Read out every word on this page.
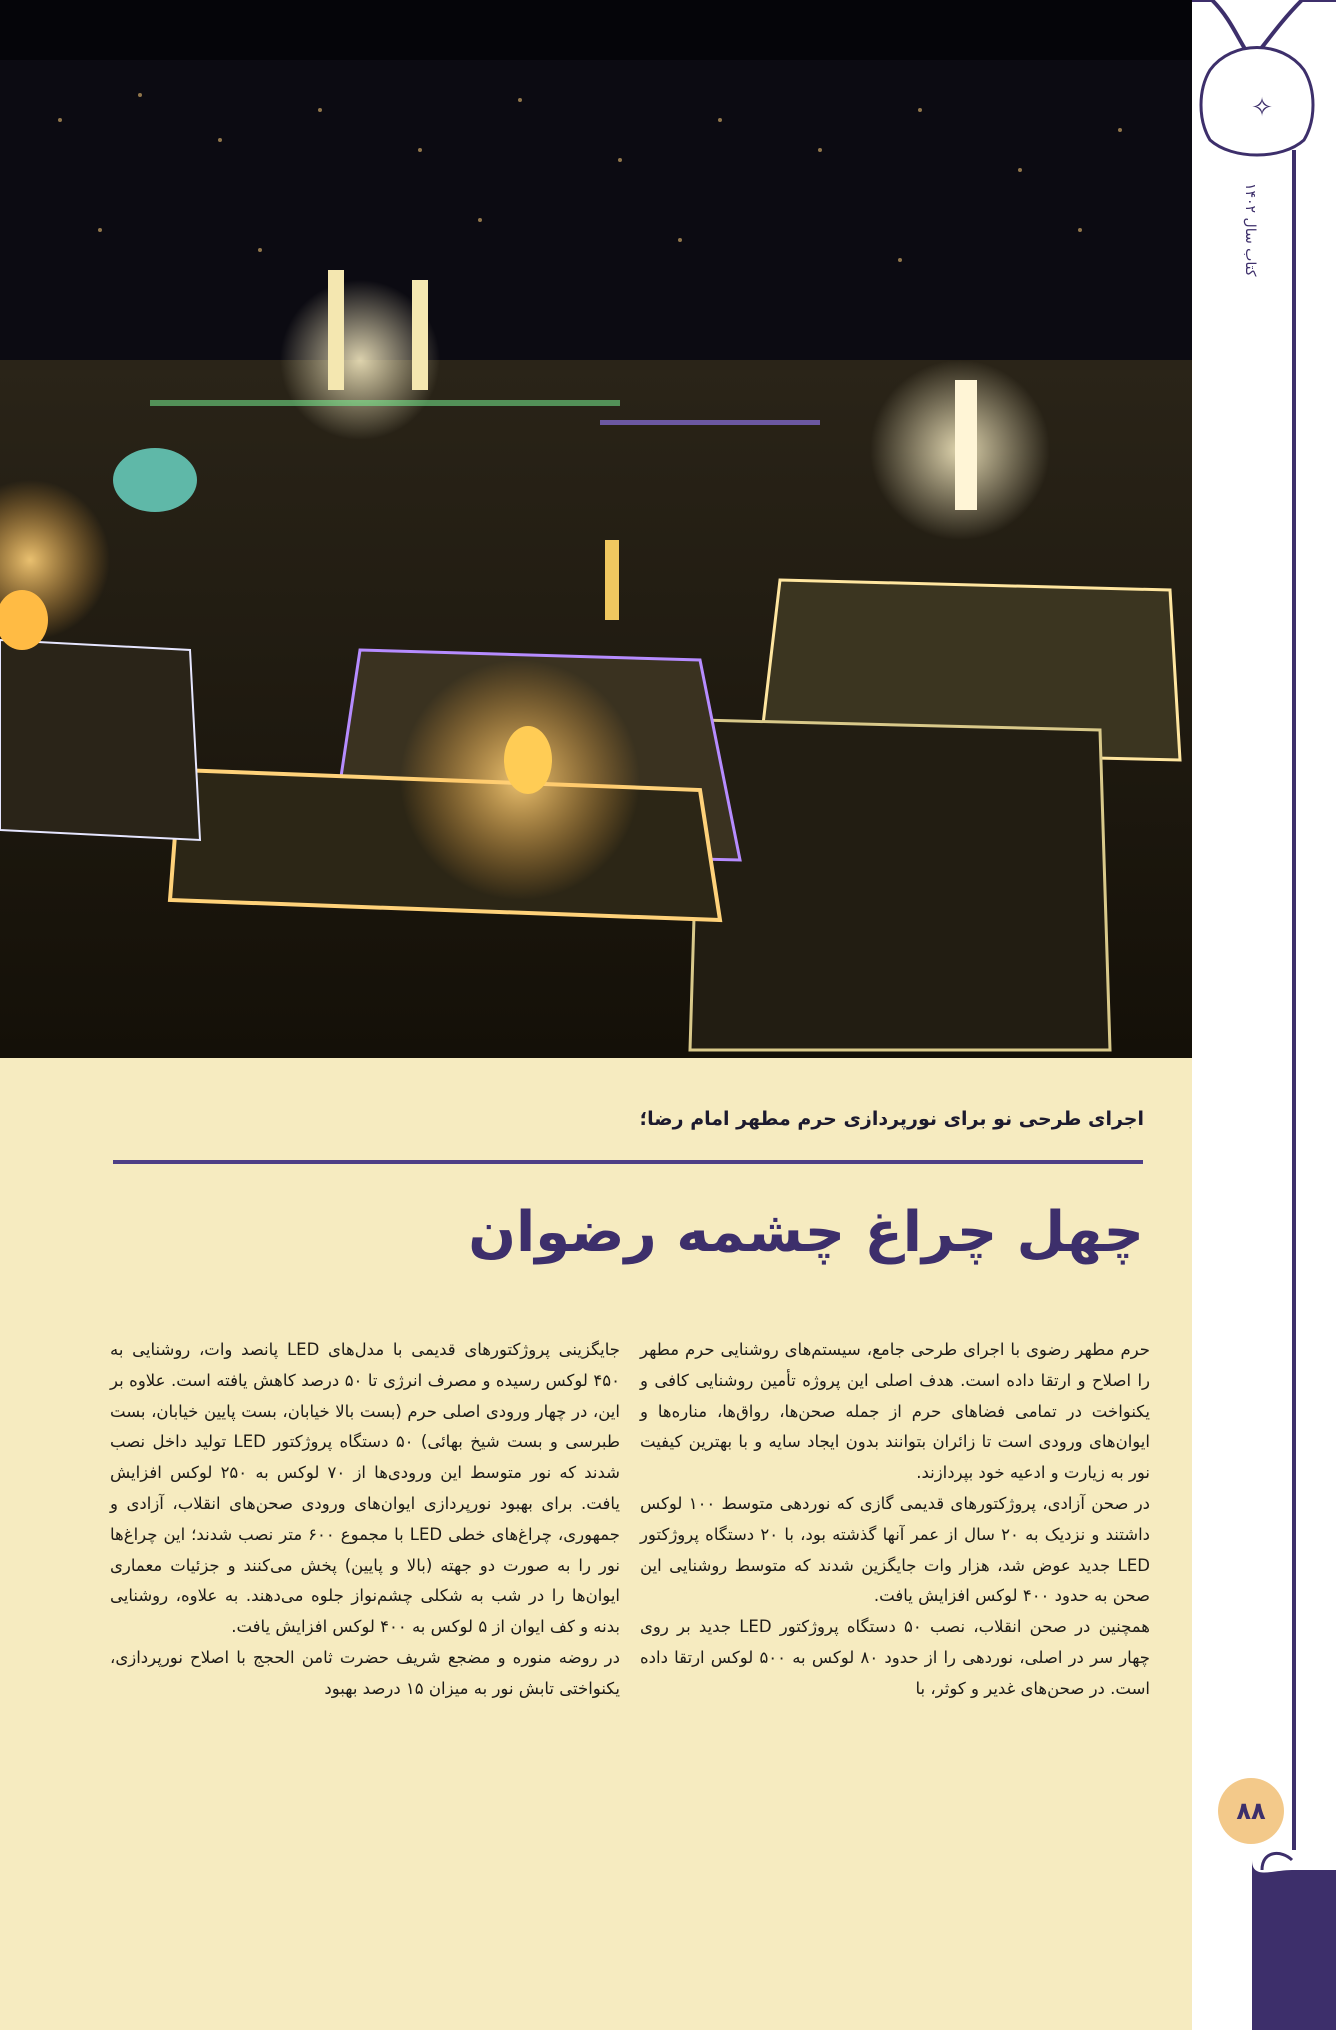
✧
کتاب سال ۱۴۰۲
۸۸
اجرای طرحی نو برای نورپردازی حرم مطهر امام رضا؛
چهل چراغ چشمه رضوان

حرم مطهر رضوی با اجرای طرحی جامع، سیستم‌های روشنایی حرم مطهر را اصلاح و ارتقا داده است. هدف اصلی این پروژه تأمین روشنایی کافی و یکنواخت در تمامی فضاهای حرم از جمله صحن‌ها، رواق‌ها، مناره‌ها و ایوان‌های ورودی است تا زائران بتوانند بدون ایجاد سایه و با بهترین کیفیت نور به زیارت و ادعیه خود بپردازند.

در صحن آزادی، پروژکتورهای قدیمی گازی که نوردهی متوسط ۱۰۰ لوکس داشتند و نزدیک به ۲۰ سال از عمر آنها گذشته بود، با ۲۰ دستگاه پروژکتور LED جدید عوض شد، هزار وات جایگزین شدند که متوسط روشنایی این صحن به حدود ۴۰۰ لوکس افزایش یافت.

همچنین در صحن انقلاب، نصب ۵۰ دستگاه پروژکتور LED جدید بر روی چهار سر در اصلی، نوردهی را از حدود ۸۰ لوکس به ۵۰۰ لوکس ارتقا داده است. در صحن‌های غدیر و کوثر، با

جایگزینی پروژکتورهای قدیمی با مدل‌های LED پانصد وات، روشنایی به ۴۵۰ لوکس رسیده و مصرف انرژی تا ۵۰ درصد کاهش یافته است. علاوه بر این، در چهار ورودی اصلی حرم (بست بالا خیابان، بست پایین خیابان، بست طبرسی و بست شیخ بهائی) ۵۰ دستگاه پروژکتور LED تولید داخل نصب شدند که نور متوسط این ورودی‌ها از ۷۰ لوکس به ۲۵۰ لوکس افزایش یافت. برای بهبود نورپردازی ایوان‌های ورودی صحن‌های انقلاب، آزادی و جمهوری، چراغ‌های خطی LED با مجموع ۶۰۰ متر نصب شدند؛ این چراغ‌ها نور را به صورت دو جهته (بالا و پایین) پخش می‌کنند و جزئیات معماری ایوان‌ها را در شب به شکلی چشم‌نواز جلوه می‌دهند. به علاوه، روشنایی بدنه و کف ایوان از ۵ لوکس به ۴۰۰ لوکس افزایش یافت.

در روضه منوره و مضجع شریف حضرت ثامن الحجج با اصلاح نورپردازی، یکنواختی تابش نور به میزان ۱۵ درصد بهبود
